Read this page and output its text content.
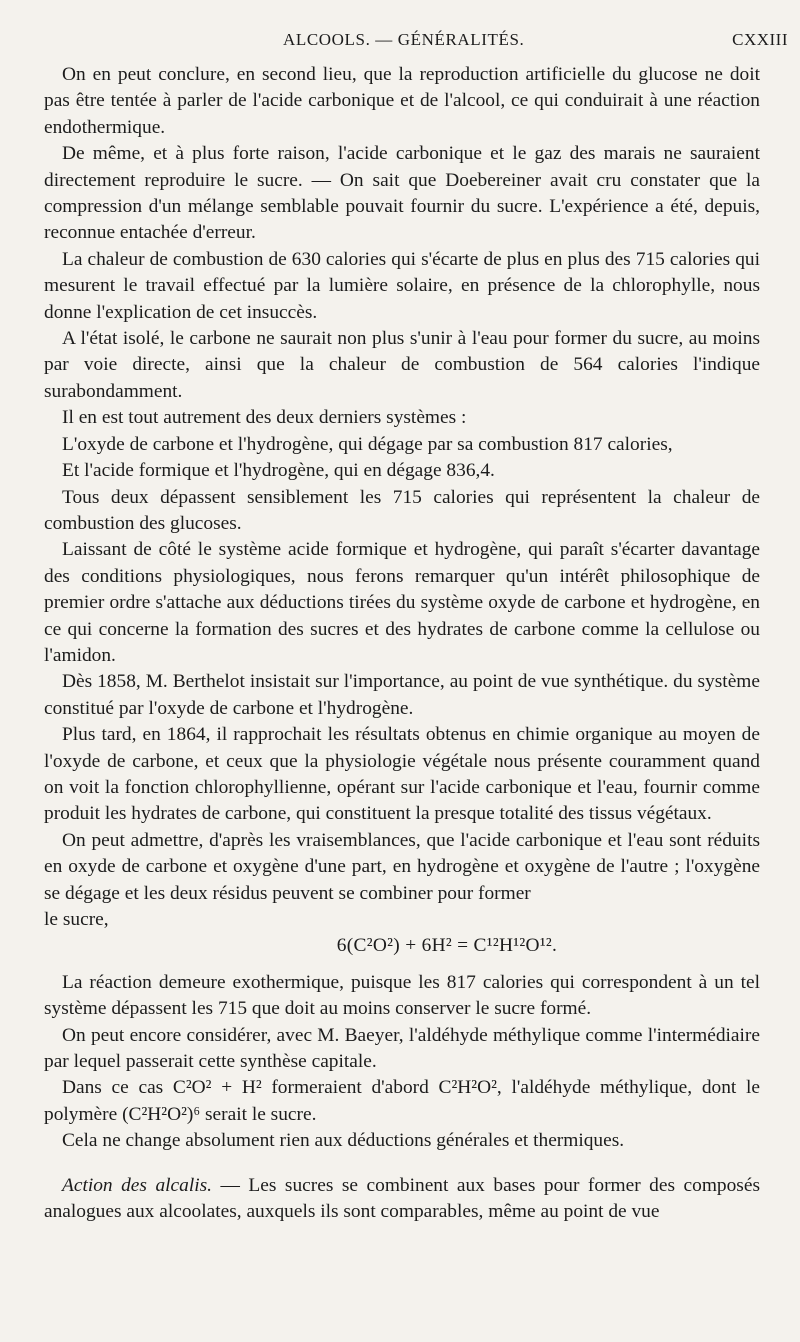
ALCOOLS. — GÉNÉRALITÉS.	CXXIII

On en peut conclure, en second lieu, que la reproduction artificielle du glucose ne doit pas être tentée à parler de l'acide carbonique et de l'alcool, ce qui conduirait à une réaction endothermique.

De même, et à plus forte raison, l'acide carbonique et le gaz des marais ne sauraient directement reproduire le sucre. — On sait que Doebereiner avait cru constater que la compression d'un mélange semblable pouvait fournir du sucre. L'expérience a été, depuis, reconnue entachée d'erreur.

La chaleur de combustion de 630 calories qui s'écarte de plus en plus des 715 calories qui mesurent le travail effectué par la lumière solaire, en présence de la chlorophylle, nous donne l'explication de cet insuccès.

A l'état isolé, le carbone ne saurait non plus s'unir à l'eau pour former du sucre, au moins par voie directe, ainsi que la chaleur de combustion de 564 calories l'indique surabondamment.

Il en est tout autrement des deux derniers systèmes :

L'oxyde de carbone et l'hydrogène, qui dégage par sa combustion 817 calories,

Et l'acide formique et l'hydrogène, qui en dégage 836,4.

Tous deux dépassent sensiblement les 715 calories qui représentent la chaleur de combustion des glucoses.

Laissant de côté le système acide formique et hydrogène, qui paraît s'écarter davantage des conditions physiologiques, nous ferons remarquer qu'un intérêt philosophique de premier ordre s'attache aux déductions tirées du système oxyde de carbone et hydrogène, en ce qui concerne la formation des sucres et des hydrates de carbone comme la cellulose ou l'amidon.

Dès 1858, M. Berthelot insistait sur l'importance, au point de vue synthétique. du système constitué par l'oxyde de carbone et l'hydrogène.

Plus tard, en 1864, il rapprochait les résultats obtenus en chimie organique au moyen de l'oxyde de carbone, et ceux que la physiologie végétale nous présente couramment quand on voit la fonction chlorophyllienne, opérant sur l'acide carbonique et l'eau, fournir comme produit les hydrates de carbone, qui constituent la presque totalité des tissus végétaux.

On peut admettre, d'après les vraisemblances, que l'acide carbonique et l'eau sont réduits en oxyde de carbone et oxygène d'une part, en hydrogène et oxygène de l'autre ; l'oxygène se dégage et les deux résidus peuvent se combiner pour former

le sucre,

6(C²O²) + 6H² = C¹²H¹²O¹².

La réaction demeure exothermique, puisque les 817 calories qui correspondent à un tel système dépassent les 715 que doit au moins conserver le sucre formé.

On peut encore considérer, avec M. Baeyer, l'aldéhyde méthylique comme l'intermédiaire par lequel passerait cette synthèse capitale.

Dans ce cas C²O² + H² formeraient d'abord C²H²O², l'aldéhyde méthylique, dont le polymère (C²H²O²)⁶ serait le sucre.

Cela ne change absolument rien aux déductions générales et thermiques.

Action des alcalis. — Les sucres se combinent aux bases pour former des composés analogues aux alcoolates, auxquels ils sont comparables, même au point de vue
